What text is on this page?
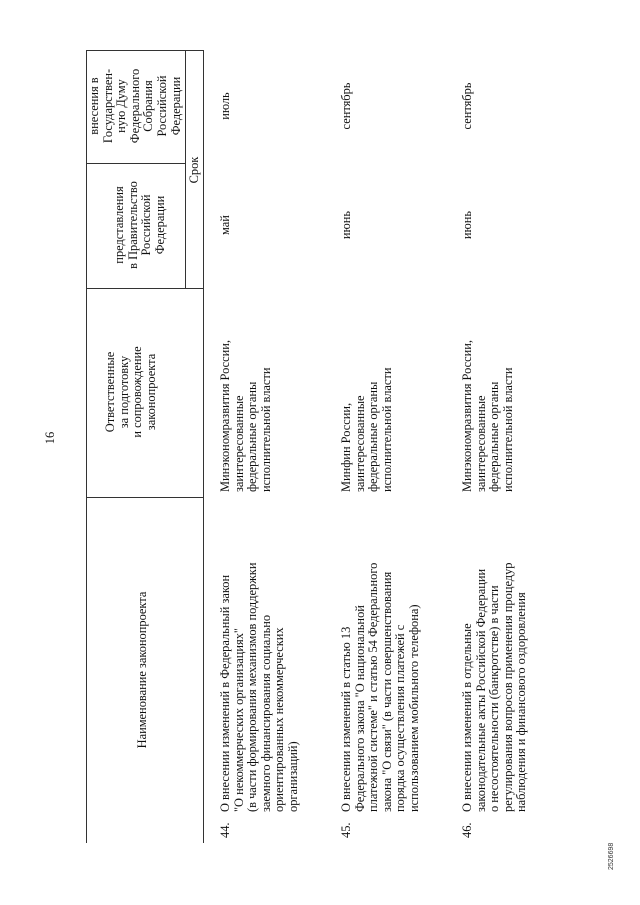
16
Наименование законопроекта
Ответственные
за подготовку
и сопровождение
законопроекта
Срок
представления
в Правительство
Российской
Федерации
внесения в
Государствен-
ную Думу
Федерального
Собрания
Российской
Федерации
44.
О внесении изменений в Федеральный закон
"О некоммерческих организациях"
(в части формирования механизмов поддержки
заемного финансирования социально
ориентированных некоммерческих
организаций)
Минэкономразвития России,
заинтересованные
федеральные органы
исполнительной власти
май
июль
45.
О внесении изменений в статью 13
Федерального закона "О национальной
платежной системе" и статью 54 Федерального
закона "О связи" (в части совершенствования
порядка осуществления платежей с
использованием мобильного телефона)
Минфин России,
заинтересованные
федеральные органы
исполнительной власти
июнь
сентябрь
46.
О внесении изменений в отдельные
законодательные акты Российской Федерации
о несостоятельности (банкротстве) в части
регулирования вопросов применения процедур
наблюдения и финансового оздоровления
Минэкономразвития России,
заинтересованные
федеральные органы
исполнительной власти
июнь
сентябрь
2526698
